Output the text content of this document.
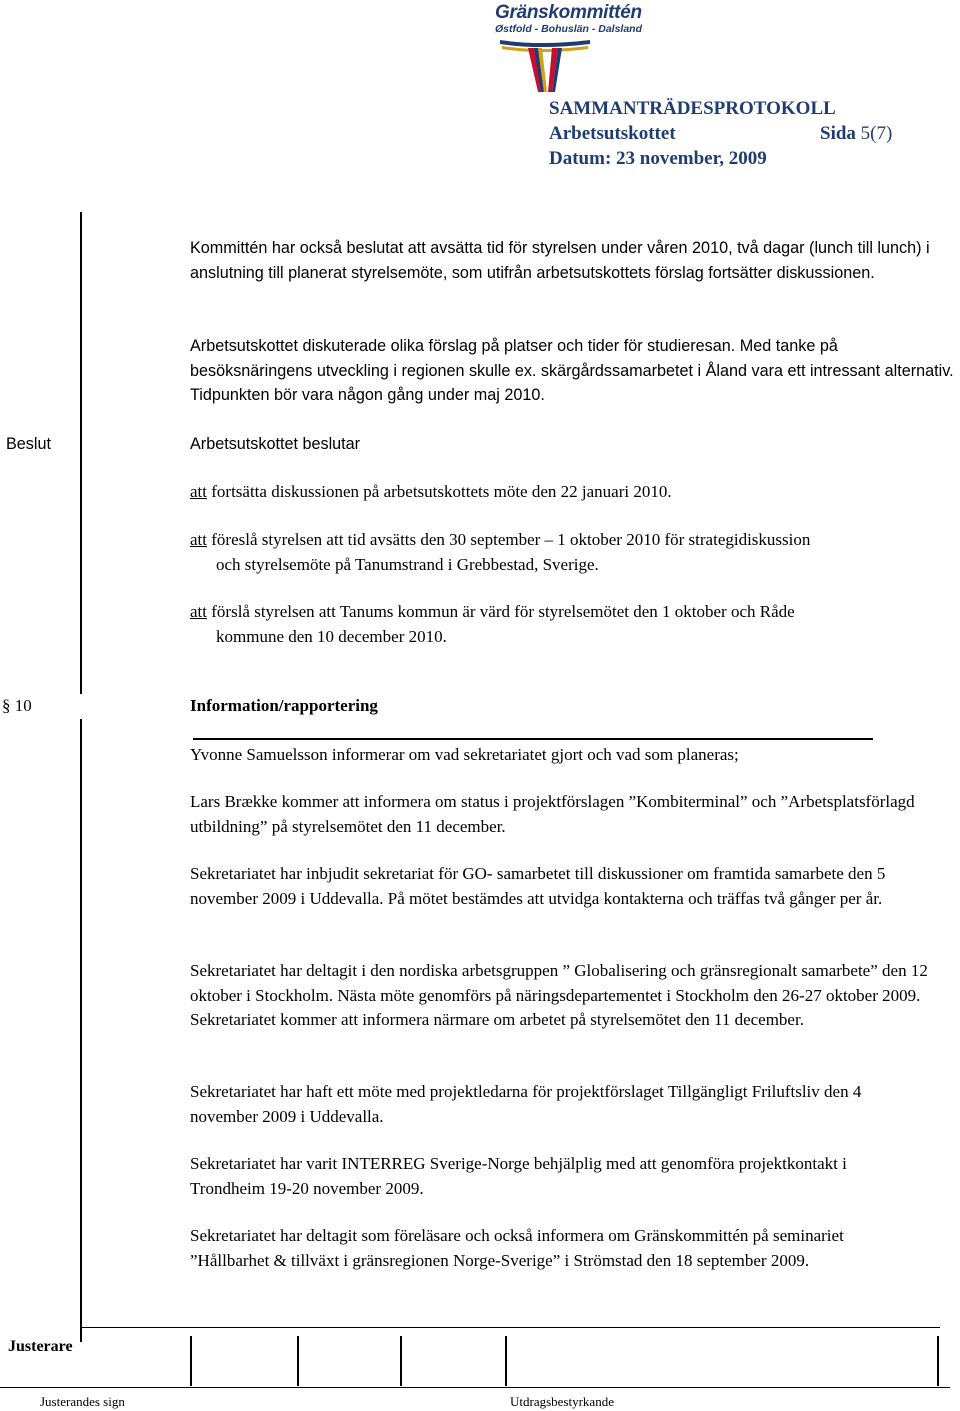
Gränskommittén
Østfold - Bohuslän - Dalsland
SAMMANTRÄDESPROTOKOLL
Arbetsutskottet	Sida 5(7)
Datum: 23 november, 2009
Kommittén har också beslutat att avsätta tid för styrelsen under våren 2010, två dagar (lunch till lunch) i anslutning till planerat styrelsemöte, som utifrån arbetsutskottets förslag fortsätter diskussionen.
Arbetsutskottet diskuterade olika förslag på platser och tider för studieresan. Med tanke på besöksnäringens utveckling i regionen skulle ex. skärgårdssamarbetet i Åland vara ett intressant alternativ. Tidpunkten bör vara någon gång under maj 2010.
Beslut	Arbetsutskottet beslutar
att fortsätta diskussionen på arbetsutskottets möte den 22 januari 2010.
att föreslå styrelsen att tid avsätts den 30 september – 1 oktober 2010 för strategidiskussion
och styrelsemöte på Tanumstrand i Grebbestad, Sverige.
att förslå styrelsen att Tanums kommun är värd för styrelsemötet den 1 oktober och Råde
kommune den 10 december 2010.
§ 10	Information/rapportering
Yvonne Samuelsson informerar om vad sekretariatet gjort och vad som planeras;
Lars Brække kommer att informera om status i projektförslagen ”Kombiterminal” och ”Arbetsplatsförlagd utbildning” på styrelsemötet den 11 december.
Sekretariatet har inbjudit sekretariat för GO- samarbetet till diskussioner om framtida samarbete den 5 november 2009 i Uddevalla. På mötet bestämdes att utvidga kontakterna och träffas två gånger per år.
Sekretariatet har deltagit i den nordiska arbetsgruppen ” Globalisering och gränsregionalt samarbete” den 12 oktober i Stockholm. Nästa möte genomförs på näringsdepartementet i Stockholm den 26-27 oktober 2009. Sekretariatet kommer att informera närmare om arbetet på styrelsemötet den 11 december.
Sekretariatet har haft ett möte med projektledarna för projektförslaget Tillgängligt Friluftsliv den 4 november 2009 i Uddevalla.
Sekretariatet har varit INTERREG Sverige-Norge behjälplig med att genomföra projektkontakt i Trondheim 19-20 november 2009.
Sekretariatet har deltagit som föreläsare och också informera om Gränskommittén på seminariet ”Hållbarhet & tillväxt i gränsregionen Norge-Sverige” i Strömstad den 18 september 2009.
Justerare
Justerandes sign	Utdragsbestyrkande
